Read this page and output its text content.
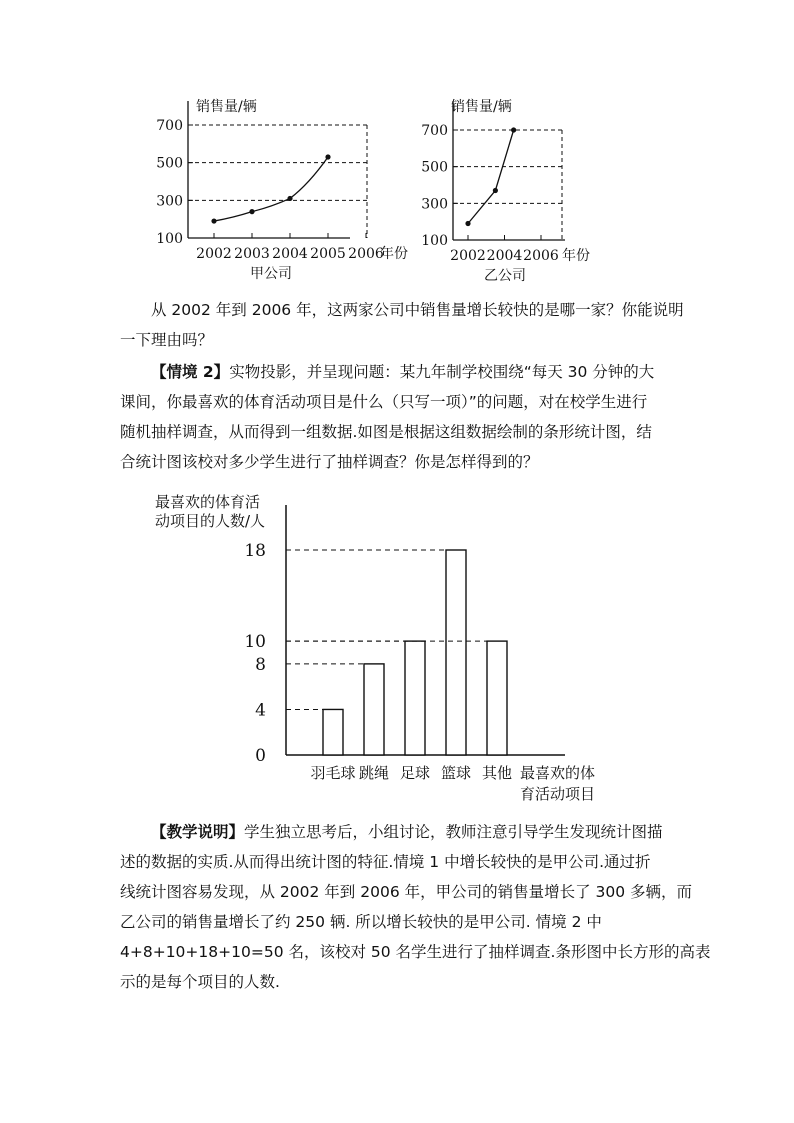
100
300
500
700
2002 2003 2004 2005 2006
销售量/辆
年份
甲公司
100
300
500
700
2002 2004 2006
销售量/辆
年份
乙公司
从 2002 年到 2006 年，这两家公司中销售量增长较快的是哪一家？你能说明
一下理由吗？
【情境 2】实物投影，并呈现问题：某九年制学校围绕“每天 30 分钟的大
课间，你最喜欢的体育活动项目是什么（只写一项）”的问题，对在校学生进行
随机抽样调查，从而得到一组数据.如图是根据这组数据绘制的条形统计图，结
合统计图该校对多少学生进行了抽样调查？你是怎样得到的？
0
4
8
10
18
羽毛球 跳绳 足球 篮球 其他
最喜欢的体育活
动项目的人数/人
最喜欢的体
育活动项目
【教学说明】学生独立思考后，小组讨论，教师注意引导学生发现统计图描
述的数据的实质.从而得出统计图的特征.情境 1 中增长较快的是甲公司.通过折
线统计图容易发现，从 2002 年到 2006 年，甲公司的销售量增长了 300 多辆，而
乙公司的销售量增长了约 250 辆. 所以增长较快的是甲公司. 情境 2 中
4+8+10+18+10=50 名，该校对 50 名学生进行了抽样调查.条形图中长方形的高表
示的是每个项目的人数.
